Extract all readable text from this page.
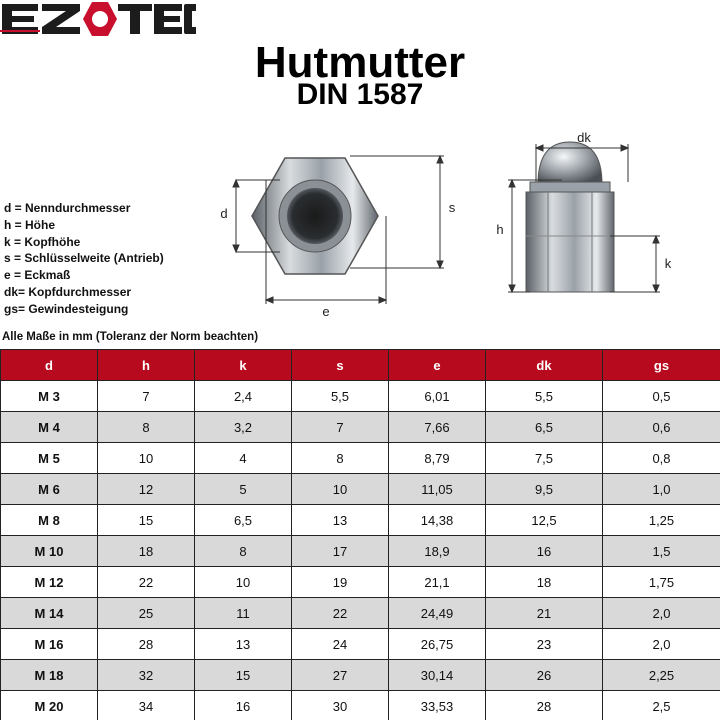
Hutmutter
DIN 1587
d = Nenndurchmesser
h = Höhe
k = Kopfhöhe
s = Schlüsselweite (Antrieb)
e = Eckmaß
dk= Kopfdurchmesser
gs= Gewindesteigung
d	s
e
dk
h
k
Alle Maße in mm (Toleranz der Norm beachten)
d	h	k	s	e	dk	gs
M 3	7	2,4	5,5	6,01	5,5	0,5
M 4	8	3,2	7	7,66	6,5	0,6
M 5	10	4	8	8,79	7,5	0,8
M 6	12	5	10	11,05	9,5	1,0
M 8	15	6,5	13	14,38	12,5	1,25
M 10	18	8	17	18,9	16	1,5
M 12	22	10	19	21,1	18	1,75
M 14	25	11	22	24,49	21	2,0
M 16	28	13	24	26,75	23	2,0
M 18	32	15	27	30,14	26	2,25
M 20	34	16	30	33,53	28	2,5
